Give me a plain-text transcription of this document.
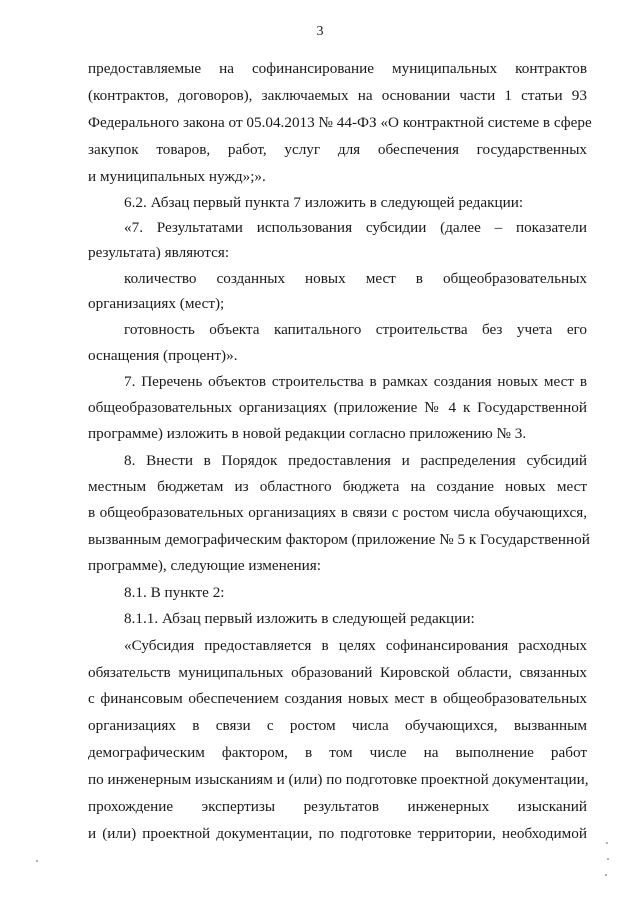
3
предоставляемые на софинансирование муниципальных контрактов
(контрактов, договоров), заключаемых на основании части 1 статьи 93
Федерального закона от 05.04.2013 № 44-ФЗ «О контрактной системе в сфере
закупок товаров, работ, услуг для обеспечения государственных
и муниципальных нужд»;».
6.2. Абзац первый пункта 7 изложить в следующей редакции:
«7. Результатами использования субсидии (далее – показатели
результата) являются:
количество созданных новых мест в общеобразовательных
организациях (мест);
готовность объекта капитального строительства без учета его
оснащения (процент)».
7. Перечень объектов строительства в рамках создания новых мест в
общеобразовательных организациях (приложение № 4 к Государственной
программе) изложить в новой редакции согласно приложению № 3.
8. Внести в Порядок предоставления и распределения субсидий
местным бюджетам из областного бюджета на создание новых мест
в общеобразовательных организациях в связи с ростом числа обучающихся,
вызванным демографическим фактором (приложение № 5 к Государственной
программе), следующие изменения:
8.1. В пункте 2:
8.1.1. Абзац первый изложить в следующей редакции:
«Субсидия предоставляется в целях софинансирования расходных
обязательств муниципальных образований Кировской области, связанных
с финансовым обеспечением создания новых мест в общеобразовательных
организациях в связи с ростом числа обучающихся, вызванным
демографическим фактором, в том числе на выполнение работ
по инженерным изысканиям и (или) по подготовке проектной документации,
прохождение экспертизы результатов инженерных изысканий
и (или) проектной документации, по подготовке территории, необходимой
